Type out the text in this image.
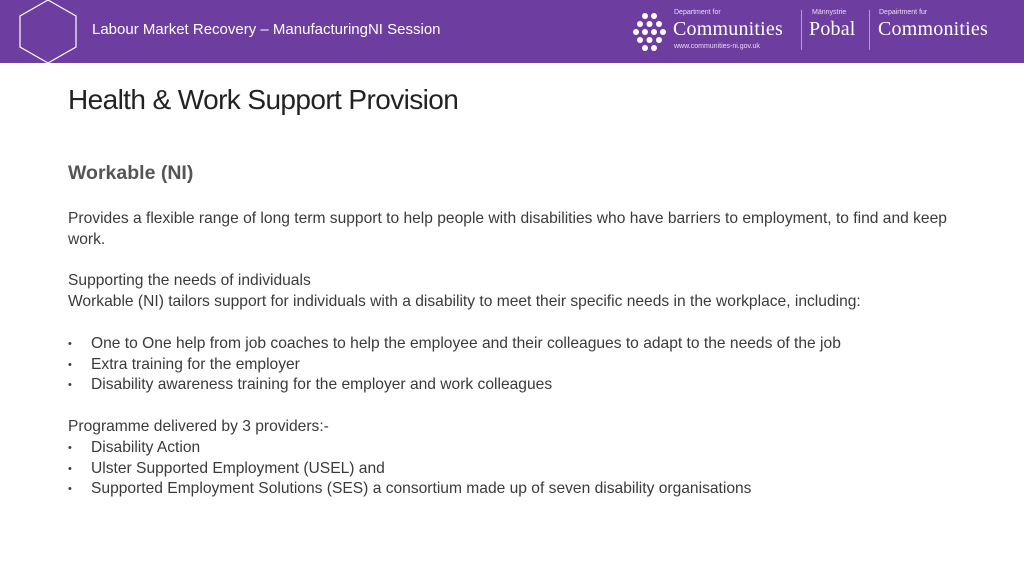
Labour Market Recovery – ManufacturingNI Session
Department for
Communities
www.communities-ni.gov.uk
Männystrie
Pobal
Depairtment fur
Commonities
Health & Work Support Provision

Workable (NI)

Provides a flexible range of long term support to help people with disabilities who have barriers to employment, to find and keep work.

Supporting the needs of individuals

Workable (NI) tailors support for individuals with a disability to meet their specific needs in the workplace, including:

• One to One help from job coaches to help the employee and their colleagues to adapt to the needs of the job
• Extra training for the employer
• Disability awareness training for the employer and work colleagues

Programme delivered by 3 providers:-

• Disability Action
• Ulster Supported Employment (USEL) and
• Supported Employment Solutions (SES) a consortium made up of seven disability organisations
